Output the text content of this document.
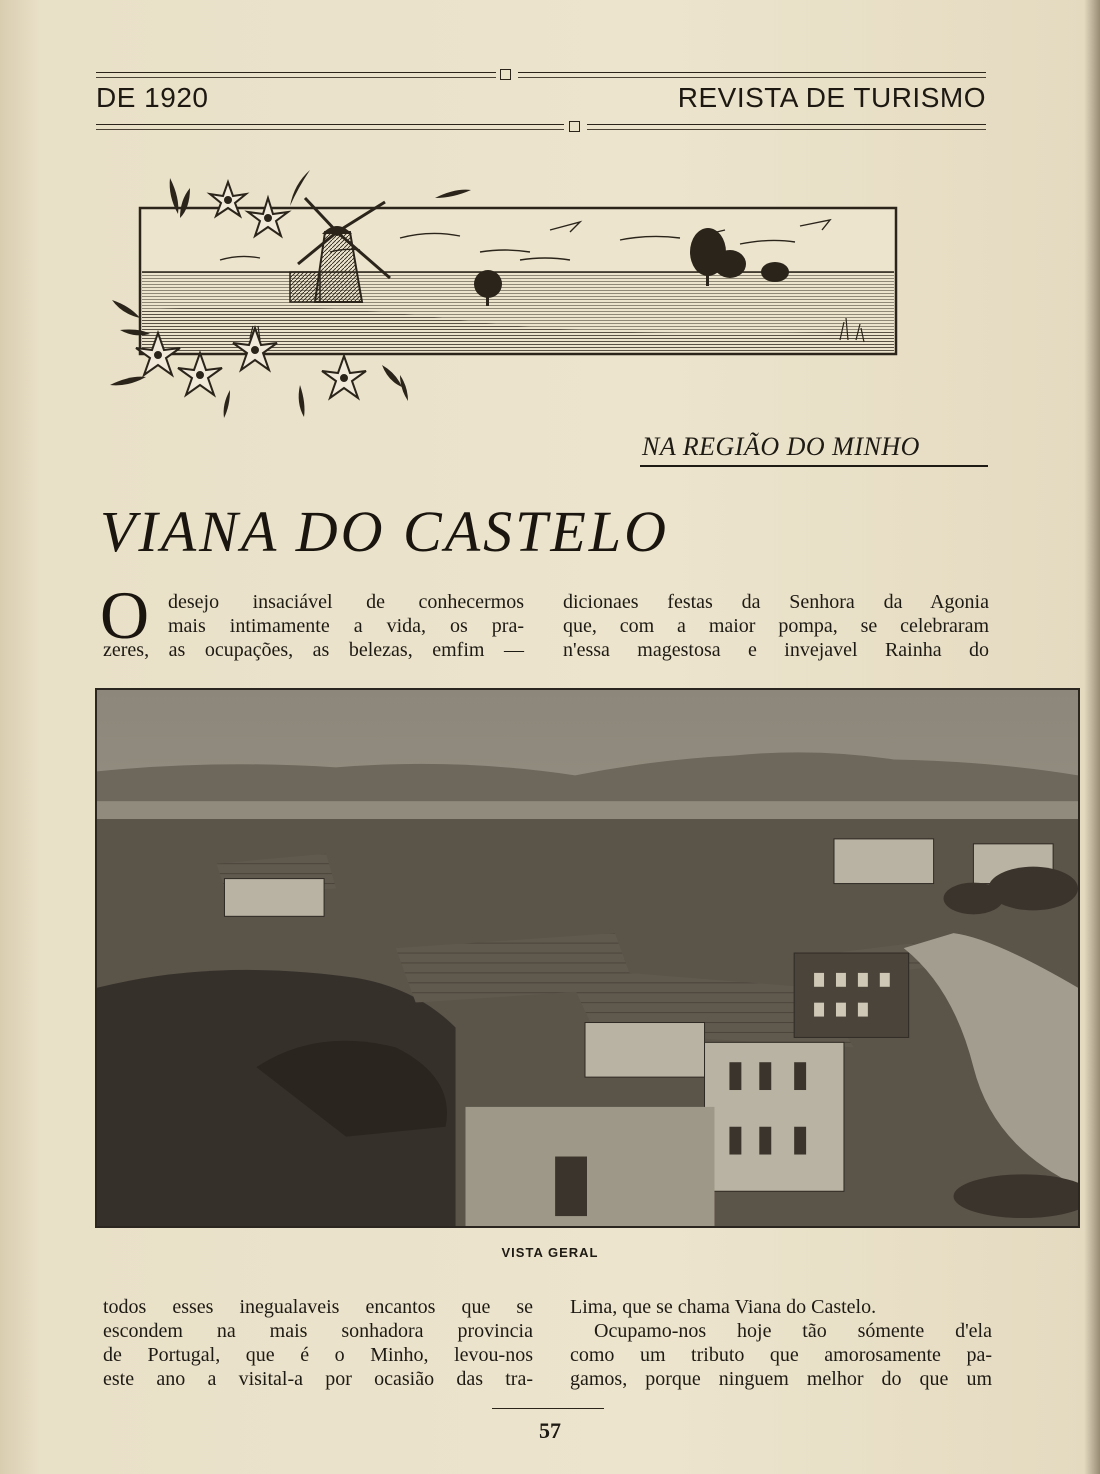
DE 1920	REVISTA DE TURISMO
NA REGIÃO DO MINHO
VIANA DO CASTELO
O desejo insaciável de conhecermos
mais intimamente a vida, os pra-
zeres, as ocupações, as belezas, emfim —
dicionaes festas da Senhora da Agonia
que, com a maior pompa, se celebraram
n'essa magestosa e invejavel Rainha do
VISTA GERAL
todos esses inegualaveis encantos que se
escondem na mais sonhadora provincia
de Portugal, que é o Minho, levou-nos
este ano a visital-a por ocasião das tra-
Lima, que se chama Viana do Castelo.
Ocupamo-nos hoje tão sómente d'ela
como um tributo que amorosamente pa-
gamos, porque ninguem melhor do que um
57
